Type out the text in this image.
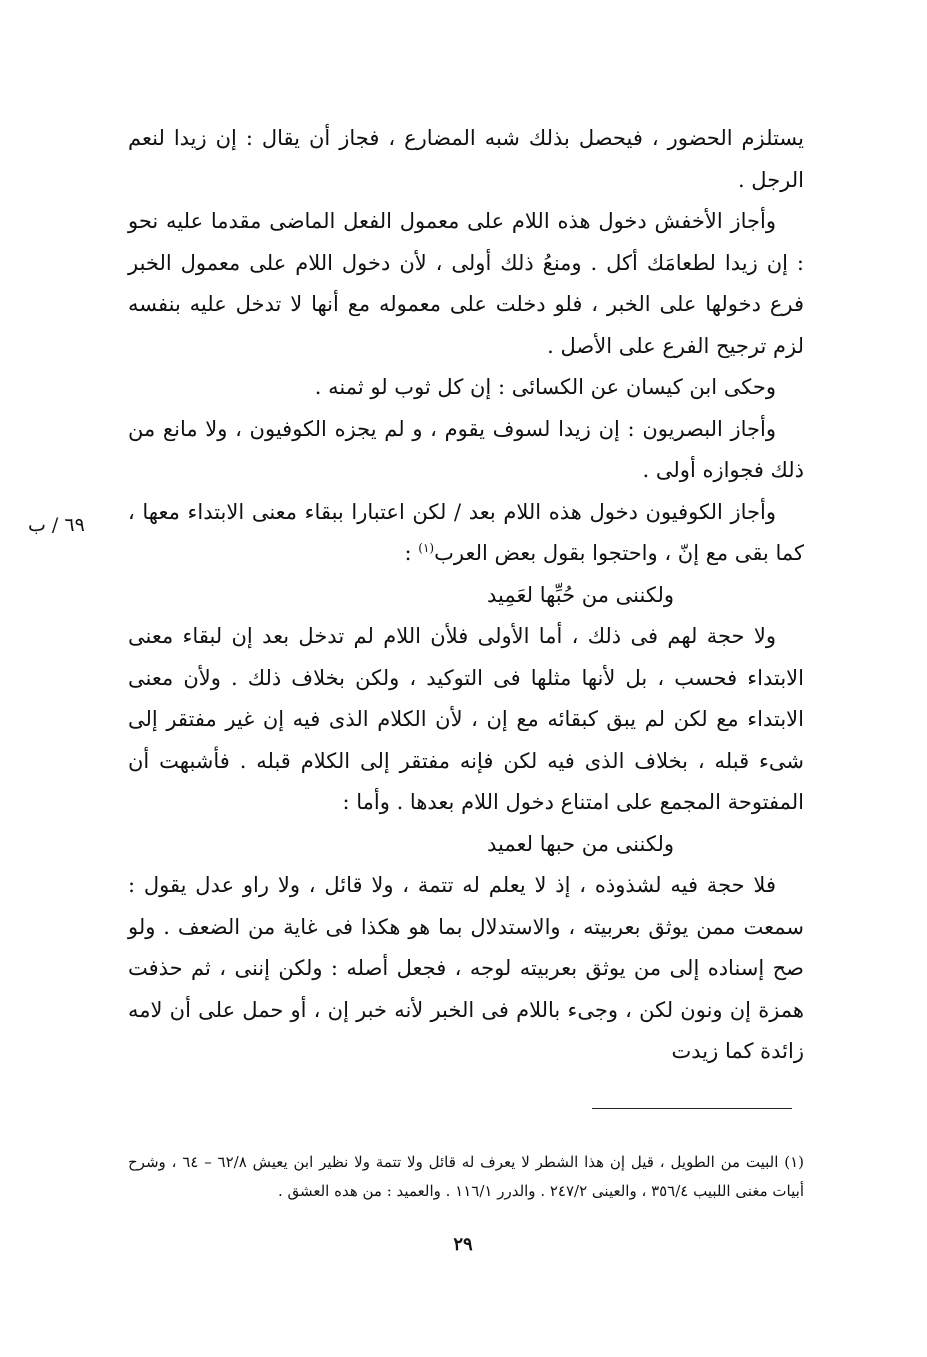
٦٩ / ب

يستلزم الحضور ، فيحصل بذلك شبه المضارع ، فجاز أن يقال : إن زيدا لنعم الرجل .

وأجاز الأخفش دخول هذه اللام على معمول الفعل الماضى مقدما عليه نحو : إن زيدا لطعامَك أكل . ومنعُ ذلك أولى ، لأن دخول اللام على معمول الخبر فرع دخولها على الخبر ، فلو دخلت على معموله مع أنها لا تدخل عليه بنفسه لزم ترجيح الفرع على الأصل .

وحكى ابن كيسان عن الكسائى : إن كل ثوب لو ثمنه .

وأجاز البصريون : إن زيدا لسوف يقوم ، و لم يجزه الكوفيون ، ولا مانع من ذلك فجوازه أولى .

وأجاز الكوفيون دخول هذه اللام بعد / لكن اعتبارا ببقاء معنى الابتداء معها ، كما بقى مع إنّ ، واحتجوا بقول بعض العرب$^{(١)}$ :

ولكننى من حُبِّها لعَمِيد

ولا حجة لهم فى ذلك ، أما الأولى فلأن اللام لم تدخل بعد إن لبقاء معنى الابتداء فحسب ، بل لأنها مثلها فى التوكيد ، ولكن بخلاف ذلك . ولأن معنى الابتداء مع لكن لم يبق كبقائه مع إن ، لأن الكلام الذى فيه إن غير مفتقر إلى شىء قبله ، بخلاف الذى فيه لكن فإنه مفتقر إلى الكلام قبله . فأشبهت أن المفتوحة المجمع على امتناع دخول اللام بعدها . وأما :

ولكننى من حبها لعميد

فلا حجة فيه لشذوذه ، إذ لا يعلم له تتمة ، ولا قائل ، ولا راو عدل يقول : سمعت ممن يوثق بعربيته ، والاستدلال بما هو هكذا فى غاية من الضعف . ولو صح إسناده إلى من يوثق بعربيته لوجه ، فجعل أصله : ولكن إننى ، ثم حذفت همزة إن ونون لكن ، وجىء باللام فى الخبر لأنه خبر إن ، أو حمل على أن لامه زائدة كما زيدت

(١) البيت من الطويل ، قيل إن هذا الشطر لا يعرف له قائل ولا تتمة ولا نظير ابن يعيش ٦٢/٨ – ٦٤ ، وشرح أبيات مغنى اللبيب ٣٥٦/٤ ، والعينى ٢٤٧/٢ . والدرر ١١٦/١ . والعميد : من هده العشق .

٢٩
